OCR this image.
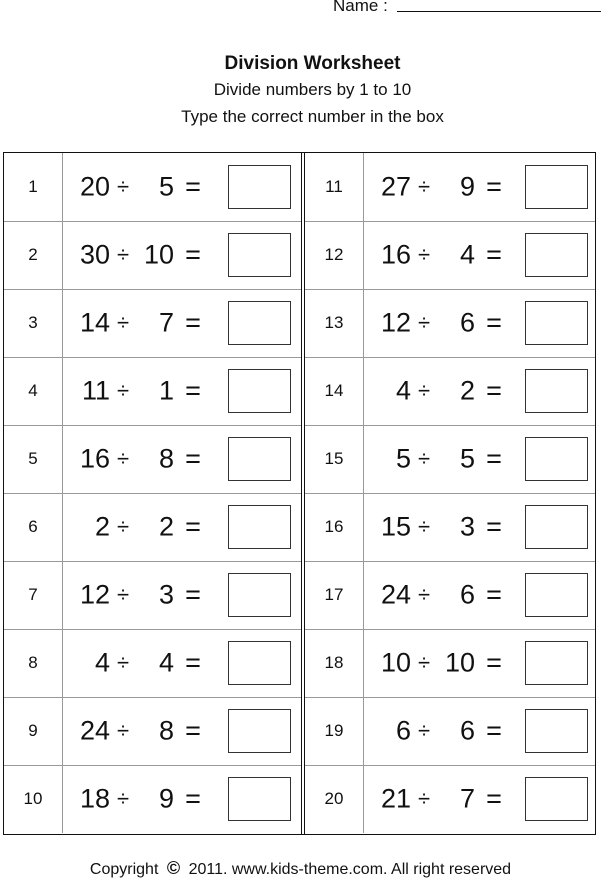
Name :
Division Worksheet
Divide numbers by 1 to 10
Type the correct number in the box
1	20 ÷	5 =
2	30 ÷ 10 =
3	14 ÷	7 =
4	11 ÷	1 =
5	16 ÷	8 =
6	2 ÷	2 =
7	12 ÷	3 =
8	4 ÷	4 =
9	24 ÷	8 =
10	18 ÷	9 =
11	27 ÷	9 =
12	16 ÷	4 =
13	12 ÷	6 =
14	4 ÷	2 =
15	5 ÷	5 =
16	15 ÷	3 =
17	24 ÷	6 =
18	10 ÷ 10 =
19	6 ÷	6 =
20	21 ÷	7 =
Copyright © 2011. www.kids-theme.com. All right reserved
